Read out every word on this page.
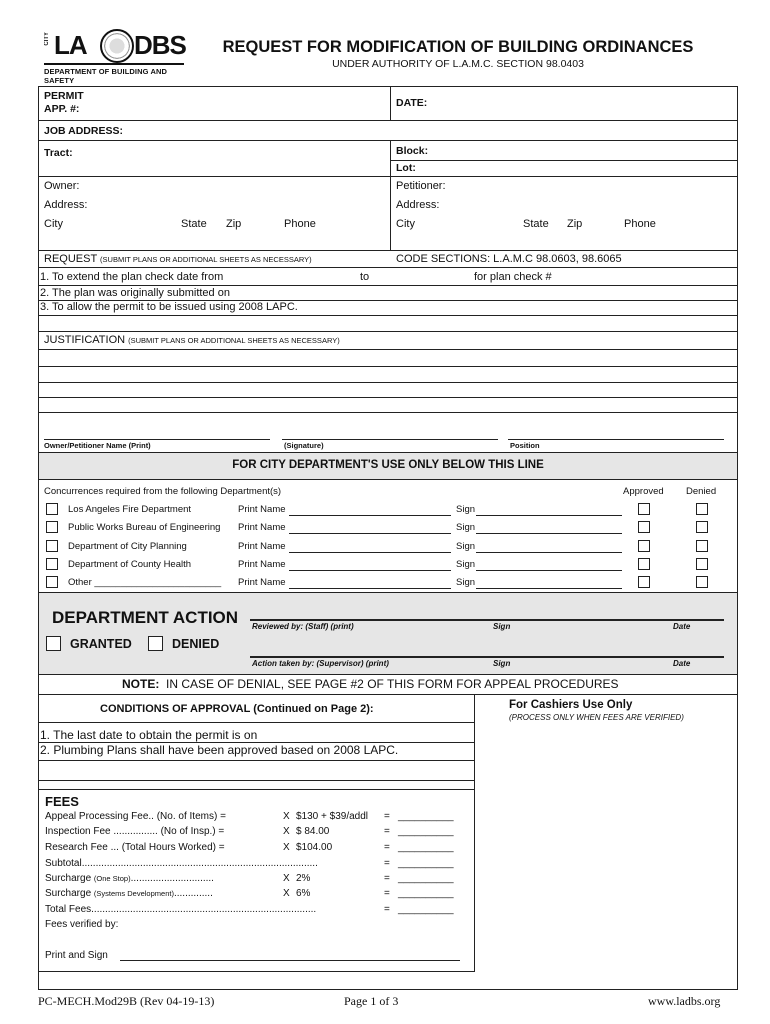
CITY LA DBS
DEPARTMENT OF BUILDING AND SAFETY
REQUEST FOR MODIFICATION OF BUILDING ORDINANCES
UNDER AUTHORITY OF L.A.M.C. SECTION 98.0403
PERMIT
APP. #:	DATE:
JOB ADDRESS:
Tract:	Block:
Lot:
Owner:
Address:
City	State Zip	Phone
Petitioner:
Address:
City	State Zip	Phone
REQUEST (SUBMIT PLANS OR ADDITIONAL SHEETS AS NECESSARY)	CODE SECTIONS: L.A.M.C 98.0603, 98.6065
1. To extend the plan check date from	to	for plan check #
2. The plan was originally submitted on
3. To allow the permit to be issued using 2008 LAPC.
JUSTIFICATION (SUBMIT PLANS OR ADDITIONAL SHEETS AS NECESSARY)
Owner/Petitioner Name (Print)	(Signature)	Position
FOR CITY DEPARTMENT'S USE ONLY BELOW THIS LINE
Concurrences required from the following Department(s)	Approved Denied
Los Angeles Fire Department	Print Name	Sign
Public Works Bureau of Engineering Print Name	Sign
Department of City Planning	Print Name	Sign
Department of County Health	Print Name	Sign
Other ________________________ Print Name	Sign
DEPARTMENT ACTION
GRANTED	DENIED
Reviewed by: (Staff) (print)	Sign	Date
Action taken by: (Supervisor) (print)	Sign	Date
NOTE: IN CASE OF DENIAL, SEE PAGE #2 OF THIS FORM FOR APPEAL PROCEDURES
CONDITIONS OF APPROVAL (Continued on Page 2):
1. The last date to obtain the permit is on
2. Plumbing Plans shall have been approved based on 2008 LAPC.
For Cashiers Use Only
(PROCESS ONLY WHEN FEES ARE VERIFIED)
FEES
Appeal Processing Fee.. (No. of Items) =	X $130 + $39/addl = __________
Inspection Fee ................ (No of Insp.) =	X $ 84.00	= __________
Research Fee ... (Total Hours Worked) =	X $104.00	= __________
Subtotal.....................................................................................	= __________
Surcharge (One Stop)..............................	X 2%	= __________
Surcharge (Systems Development)..............	X 6%	= __________
Total Fees.................................................................................	= __________
Fees verified by:
Print and Sign
PC-MECH.Mod29B (Rev 04-19-13)	Page 1 of 3	www.ladbs.org
